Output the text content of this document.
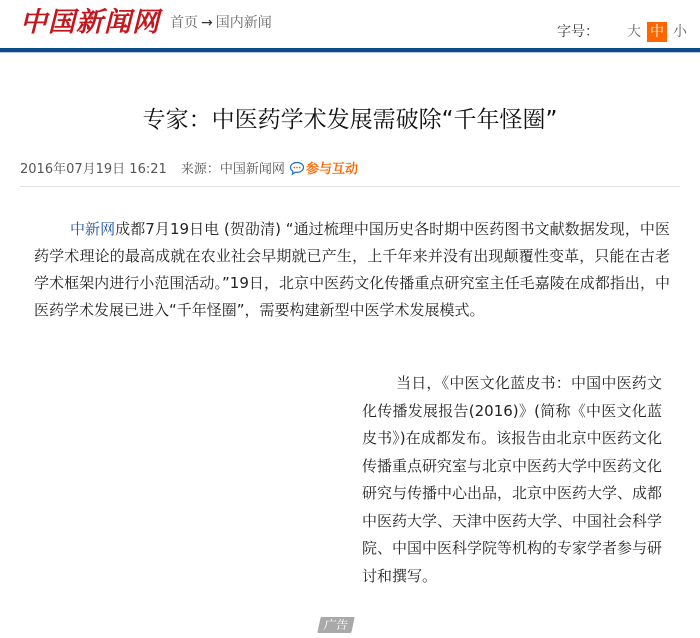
中国新闻网 首页 → 国内新闻
字号： 大 中 小
专家：中医药学术发展需破除“千年怪圈”
2016年07月19日 16:21 来源：中国新闻网 参与互动

中新网成都7月19日电 (贺劭清) “通过梳理中国历史各时期中医药图书文献数据发现，中医药学术理论的最高成就在农业社会早期就已产生，上千年来并没有出现颠覆性变革，只能在古老学术框架内进行小范围活动。”19日，北京中医药文化传播重点研究室主任毛嘉陵在成都指出，中医药学术发展已进入“千年怪圈”，需要构建新型中医学术发展模式。

当日，《中医文化蓝皮书：中国中医药文化传播发展报告(2016)》(简称《中医文化蓝皮书》)在成都发布。该报告由北京中医药文化传播重点研究室与北京中医药大学中医药文化研究与传播中心出品，北京中医药大学、成都中医药大学、天津中医药大学、中国社会科学院、中国中医科学院等机构的专家学者参与研讨和撰写。

广告
